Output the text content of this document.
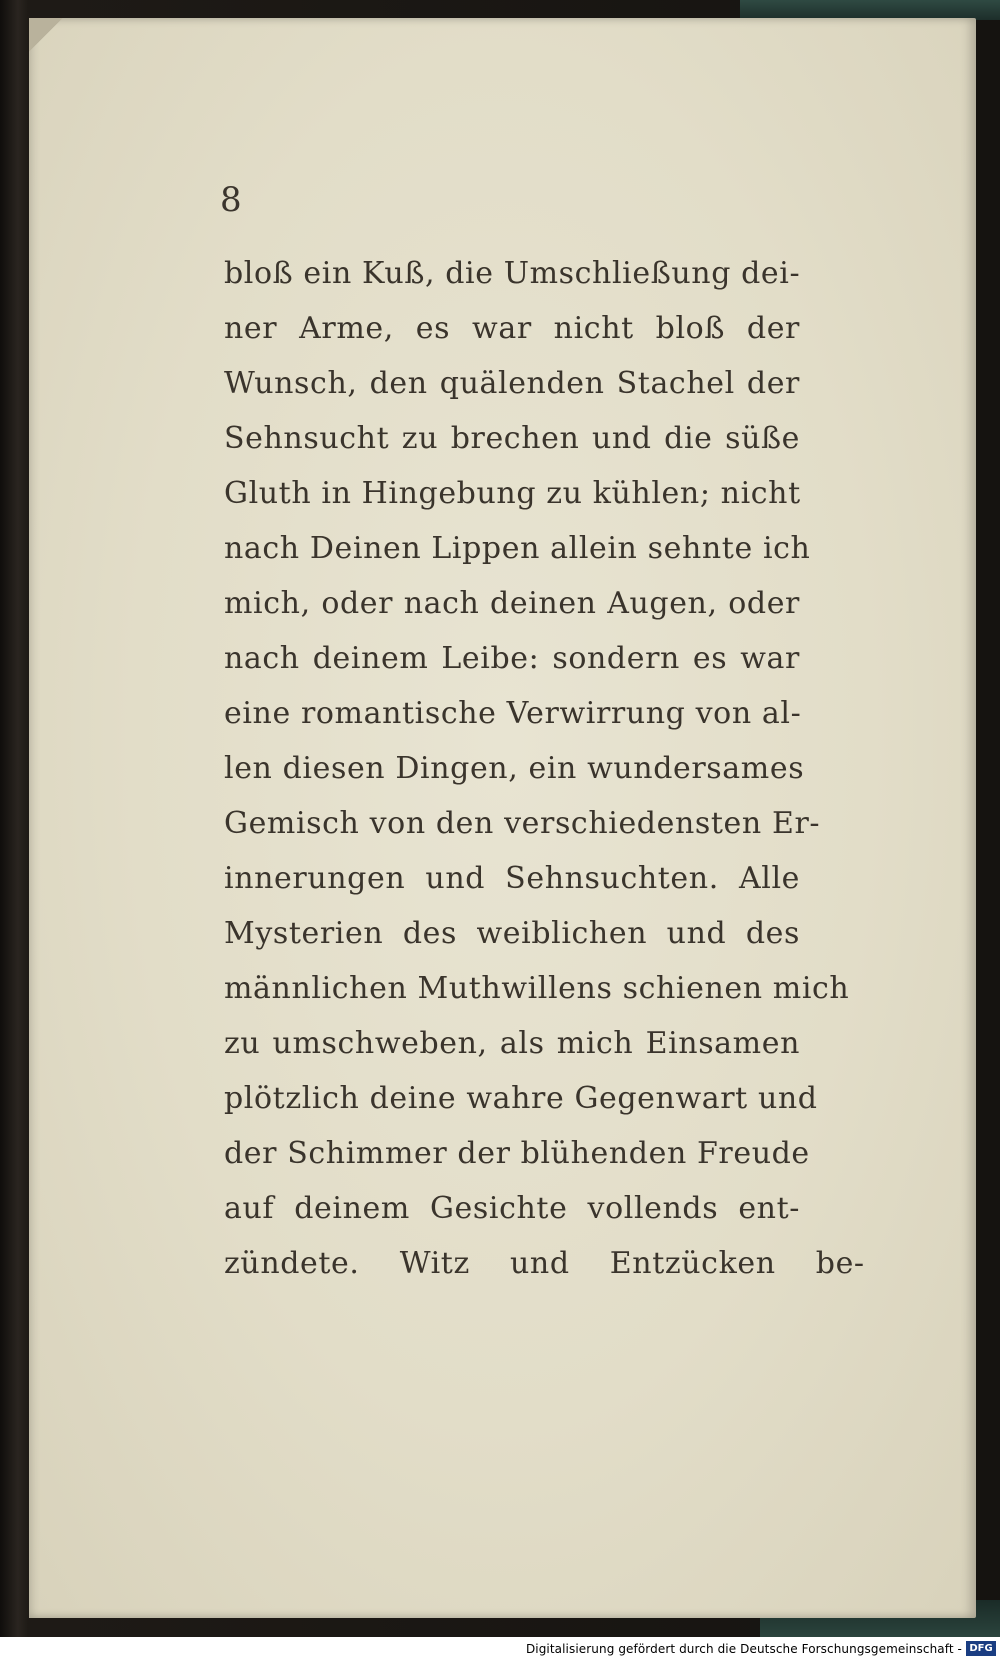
8
bloß ein Kuß, die Umschließung dei-
ner Arme, es war nicht bloß der
Wunsch, den quälenden Stachel der
Sehnsucht zu brechen und die süße
Gluth in Hingebung zu kühlen; nicht
nach Deinen Lippen allein sehnte ich
mich, oder nach deinen Augen, oder
nach deinem Leibe: sondern es war
eine romantische Verwirrung von al-
len diesen Dingen, ein wundersames
Gemisch von den verschiedensten Er-
innerungen und Sehnsuchten. Alle
Mysterien des weiblichen und des
männlichen Muthwillens schienen mich
zu umschweben, als mich Einsamen
plötzlich deine wahre Gegenwart und
der Schimmer der blühenden Freude
auf deinem Gesichte vollends ent-
zündete. Witz und Entzücken be-
Digitalisierung gefördert durch die Deutsche Forschungsgemeinschaft - DFG
